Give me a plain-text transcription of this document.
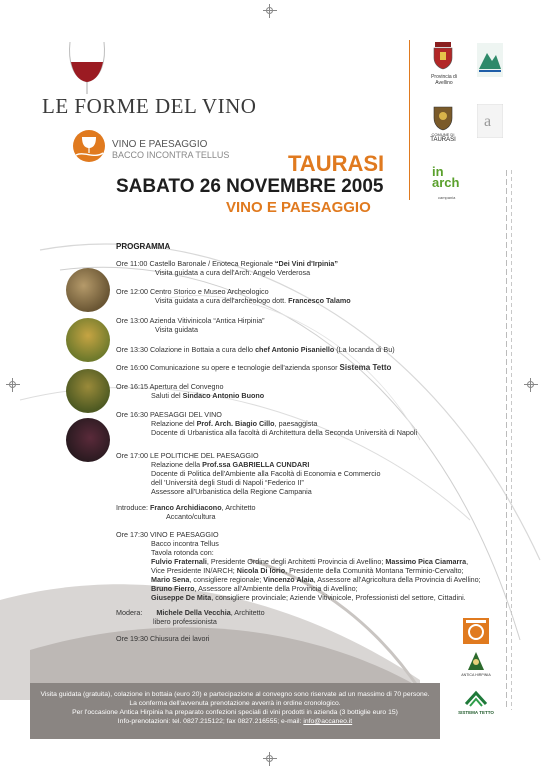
LE FORME DEL VINO
VINO E PAESAGGIO
BACCO INCONTRA TELLUS	TAURASI
SABATO 26 NOVEMBRE 2005
VINO E PAESAGGIO
Provincia di Avellino
COMUNE DI
TAURASI
a
in arch
campania
PROGRAMMA
Ore 11:00 Castello Baronale / Enoteca Regionale “Dei Vini d'Irpinia”
Visita guidata a cura dell'Arch. Angelo Verderosa
Ore 12:00 Centro Storico e Museo Archeologico
Visita guidata a cura dell'archeologo dott. Francesco Talamo
Ore 13:00 Azienda Vitivinicola “Antica Hirpinia”
Visita guidata
Ore 13:30 Colazione in Bottaia a cura dello chef Antonio Pisaniello (La locanda di Bu)
Ore 16:00 Comunicazione su opere e tecnologie dell'azienda sponsor Sistema Tetto
Ore 16:15 Apertura del Convegno
Saluti del Sindaco Antonio Buono
Ore 16:30 PAESAGGI DEL VINO
Relazione del Prof. Arch. Biagio Cillo, paesaggista
Docente di Urbanistica alla facoltà di Architettura della Seconda Università di Napoli
Ore 17:00 LE POLITICHE DEL PAESAGGIO
Relazione della Prof.ssa GABRIELLA CUNDARI
Docente di Politica dell'Ambiente alla Facoltà di Economia e Commercio
dell 'Università degli Studi di Napoli “Federico II”
Assessore all'Urbanistica della Regione Campania
Introduce: Franco Archidiacono, Architetto
Accanto/cultura
Ore 17:30 VINO E PAESAGGIO
Bacco incontra Tellus
Tavola rotonda con:
Fulvio Fraternali, Presidente Ordine degli Architetti Provincia di Avellino; Massimo Pica Ciamarra,
Vice Presidente IN/ARCH; Nicola Di Iorio, Presidente della Comunità Montana Terminio-Cervalto;
Mario Sena, consigliere regionale; Vincenzo Alaia, Assessore all'Agricoltura della Provincia di Avellino;
Bruno Fierro, Assessore all'Ambiente della Provincia di Avellino;
Giuseppe De Mita, consigliere provinciale; Aziende Vitivinicole, Professionisti del settore, Cittadini.
Modera: Michele Della Vecchia, Architetto
libero professionista
Ore 19:30 Chiusura dei lavori
Visita guidata (gratuita), colazione in bottaia (euro 20) e partecipazione al convegno sono riservate ad un massimo di 70 persone.
La conferma dell'avvenuta prenotazione avverrà in ordine cronologico.
Per l'occasione Antica Hirpinia ha preparato confezioni speciali di vini prodotti in azienda (3 bottiglie euro 15)
Info-prenotazioni: tel. 0827.215122; fax 0827.216555; e-mail: info@accaneo.it
ANTICA HIRPINIA
SISTEMA TETTO
